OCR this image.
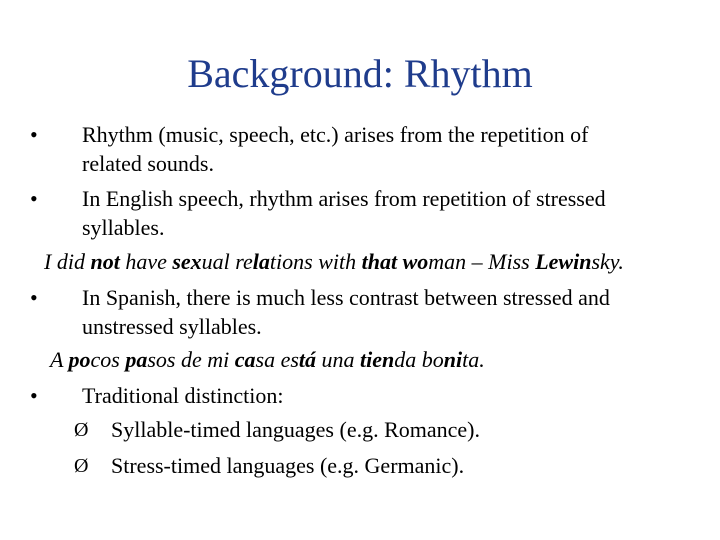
Background: Rhythm
• Rhythm (music, speech, etc.) arises from the repetition of
related sounds.
• In English speech, rhythm arises from repetition of stressed
syllables.
I did not have sexual relations with that woman – Miss Lewinsky.
• In Spanish, there is much less contrast between stressed and
unstressed syllables.
A pocos pasos de mi casa está una tienda bonita.
• Traditional distinction:
Ø Syllable-timed languages (e.g. Romance).
Ø Stress-timed languages (e.g. Germanic).
